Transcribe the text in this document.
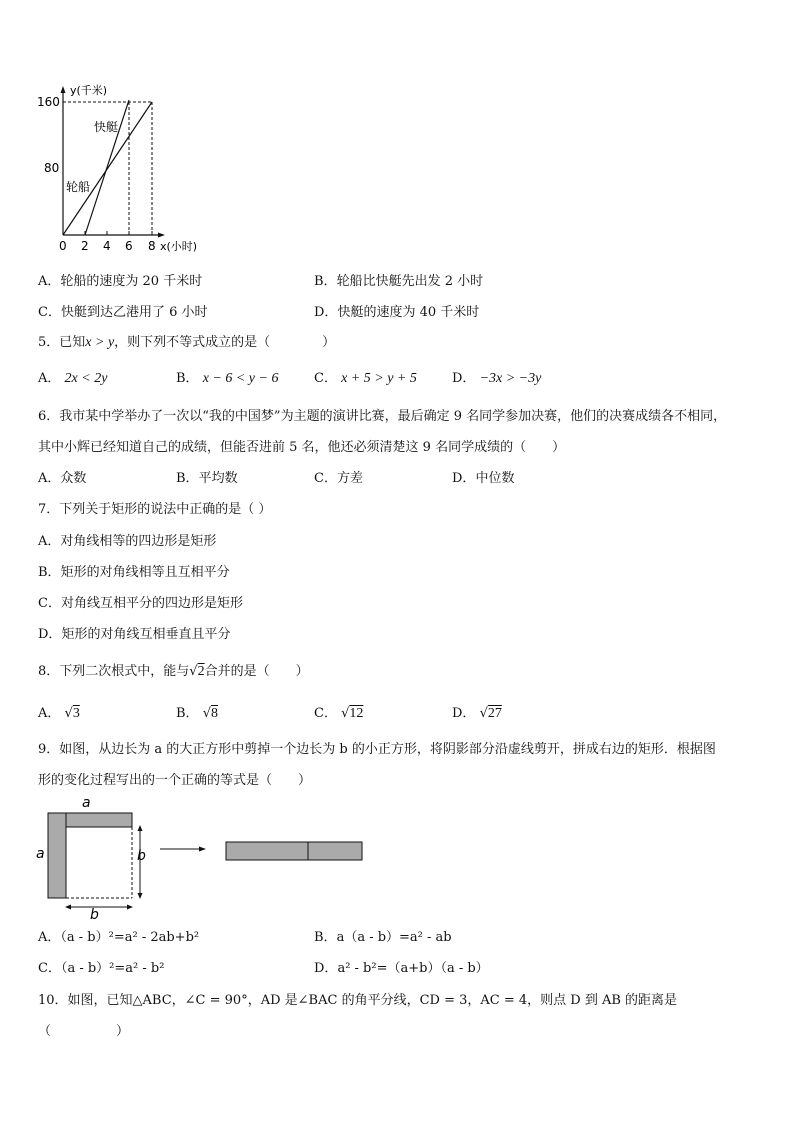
y(千米)
x(小时)
160
80
0 2 4 6 8
快艇
轮船
A．轮船的速度为 20 千米时	B．轮船比快艇先出发 2 小时
C．快艇到达乙港用了 6 小时	D．快艇的速度为 40 千米时
5．已知x > y，则下列不等式成立的是（　　　　）
A． 2x < 2y	B． x − 6 < y − 6	C． x + 5 > y + 5	D． −3x > −3y
6．我市某中学举办了一次以“我的中国梦”为主题的演讲比赛，最后确定 9 名同学参加决赛，他们的决赛成绩各不相同，
其中小辉已经知道自己的成绩，但能否进前 5 名，他还必须清楚这 9 名同学成绩的（　　）
A．众数	B．平均数	C．方差	D．中位数
7．下列关于矩形的说法中正确的是（ ）
A．对角线相等的四边形是矩形
B．矩形的对角线相等且互相平分
C．对角线互相平分的四边形是矩形
D．矩形的对角线互相垂直且平分
8．下列二次根式中，能与√2合并的是（　　）
A． √3	B． √8	C． √12	D． √27
9．如图，从边长为 a 的大正方形中剪掉一个边长为 b 的小正方形，将阴影部分沿虚线剪开，拼成右边的矩形．根据图
形的变化过程写出的一个正确的等式是（　　）
a
a	b
b
A．（a - b）²=a² - 2ab+b²	B．a（a - b）=a² - ab
C．（a - b）²=a² - b²	D．a² - b²=（a+b）（a - b）
10．如图，已知△ABC，∠C = 90°，AD 是∠BAC 的角平分线，CD = 3，AC = 4，则点 D 到 AB 的距离是
（　　　　　）
